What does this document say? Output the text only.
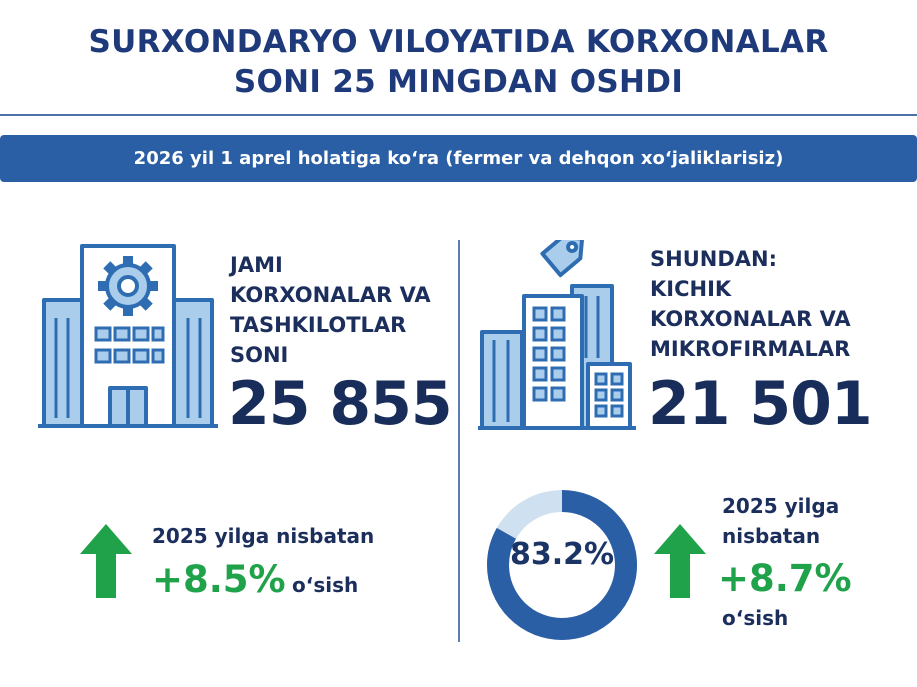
SURXONDARYO VILOYATIDA KORXONALAR
SONI 25 MINGDAN OSHDI
2026 yil 1 aprel holatiga koʻra (fermer va dehqon xoʻjaliklarisiz)
JAMI
KORXONALAR VA
TASHKILOTLAR
SONI
25 855
2025 yilga nisbatan
+8.5% oʻsish
SHUNDAN:
KICHIK
KORXONALAR VA
MIKROFIRMALAR
21 501
83.2%
2025 yilga
nisbatan
+8.7%
oʻsish
